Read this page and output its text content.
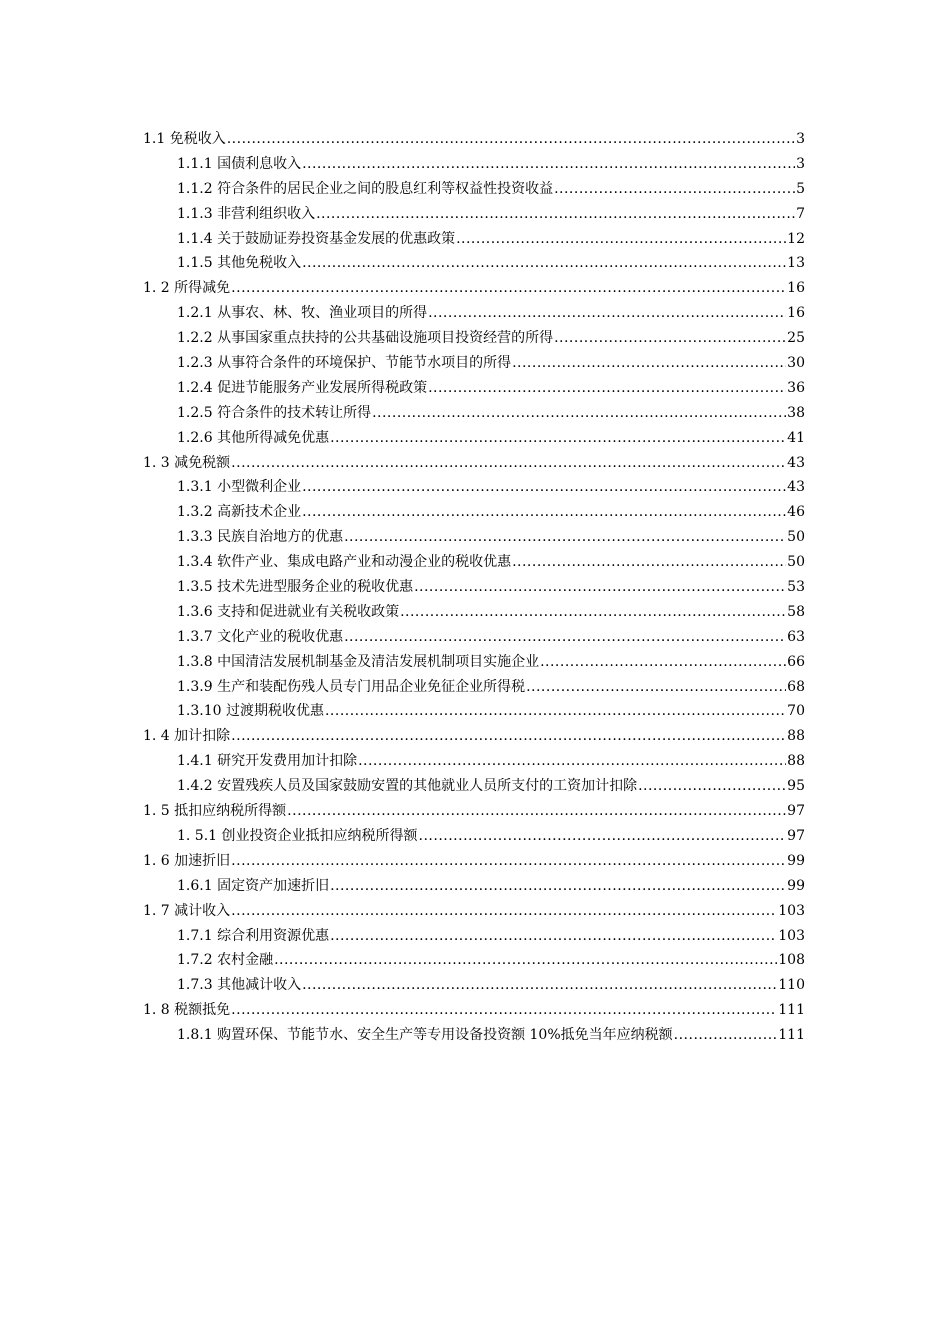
1.1 免税收入 .....	3
1.1.1 国债利息收入 .....	3
1.1.2 符合条件的居民企业之间的股息红利等权益性投资收益 .....	5
1.1.3 非营利组织收入 .....	7
1.1.4 关于鼓励证券投资基金发展的优惠政策 .....	12
1.1.5 其他免税收入 .....	13
1. 2 所得减免 .....	16
1.2.1 从事农、林、牧、渔业项目的所得 .....	16
1.2.2 从事国家重点扶持的公共基础设施项目投资经营的所得 .....	25
1.2.3 从事符合条件的环境保护、节能节水项目的所得 .....	30
1.2.4 促进节能服务产业发展所得税政策 .....	36
1.2.5 符合条件的技术转让所得 .....	38
1.2.6 其他所得减免优惠 .....	41
1. 3 减免税额 .....	43
1.3.1 小型微利企业 .....	43
1.3.2 高新技术企业 .....	46
1.3.3 民族自治地方的优惠 .....	50
1.3.4 软件产业、集成电路产业和动漫企业的税收优惠 .....	50
1.3.5 技术先进型服务企业的税收优惠 .....	53
1.3.6 支持和促进就业有关税收政策 .....	58
1.3.7 文化产业的税收优惠 .....	63
1.3.8 中国清洁发展机制基金及清洁发展机制项目实施企业 .....	66
1.3.9 生产和装配伤残人员专门用品企业免征企业所得税 .....	68
1.3.10 过渡期税收优惠 .....	70
1. 4 加计扣除 .....	88
1.4.1 研究开发费用加计扣除 .....	88
1.4.2 安置残疾人员及国家鼓励安置的其他就业人员所支付的工资加计扣除 .....	95
1. 5 抵扣应纳税所得额 .....	97
1. 5.1 创业投资企业抵扣应纳税所得额 .....	97
1. 6 加速折旧 .....	99
1.6.1 固定资产加速折旧 .....	99
1. 7 减计收入 .....	103
1.7.1 综合利用资源优惠 .....	103
1.7.2 农村金融 .....	108
1.7.3 其他减计收入 .....	110
1. 8 税额抵免 .....	111
1.8.1 购置环保、节能节水、安全生产等专用设备投资额 10%抵免当年应纳税额 .....	111
